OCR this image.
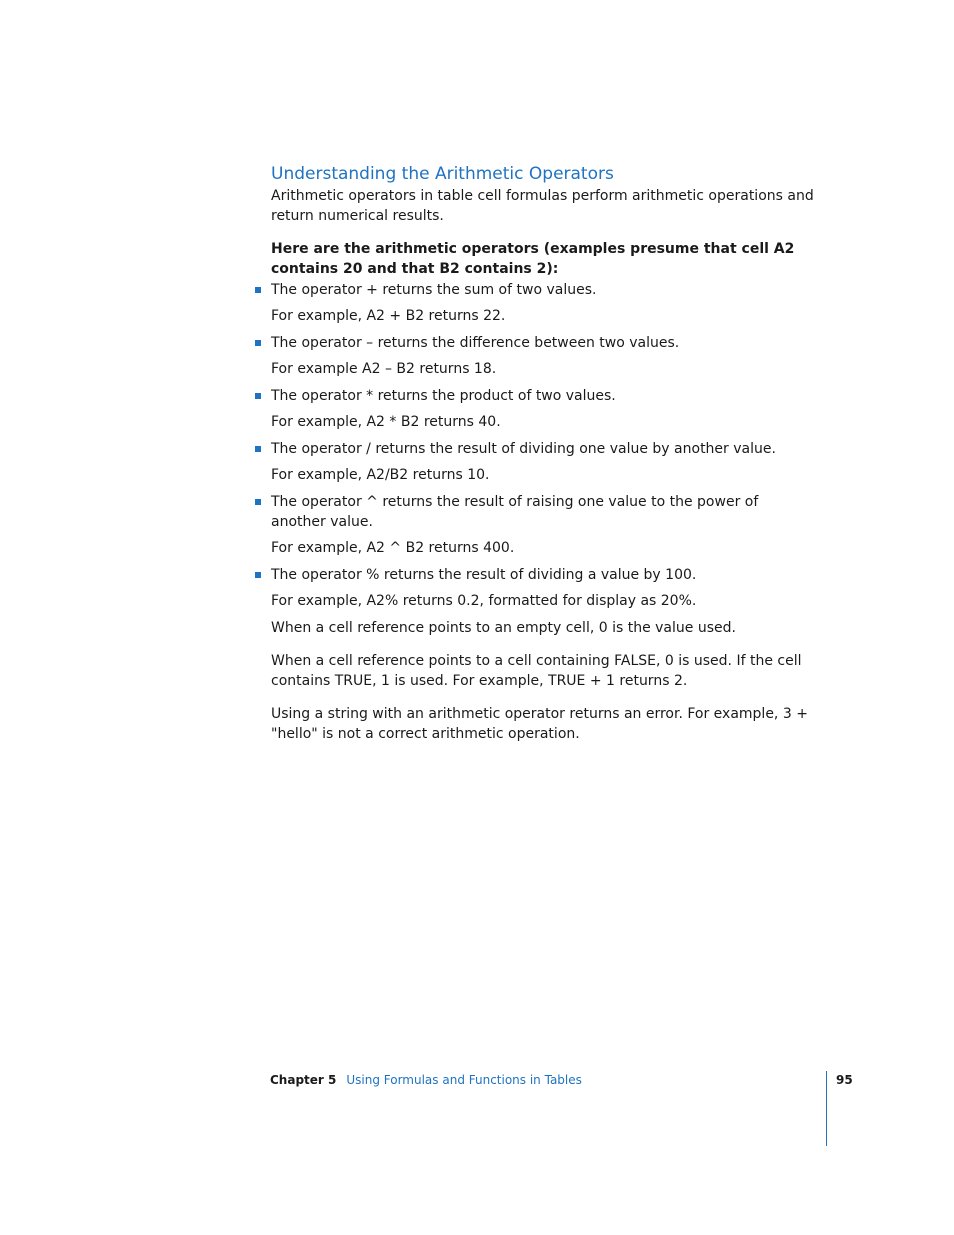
Understanding the Arithmetic Operators

Arithmetic operators in table cell formulas perform arithmetic operations and return numerical results.

Here are the arithmetic operators (examples presume that cell A2 contains 20 and that B2 contains 2):

The operator + returns the sum of two values.
For example, A2 + B2 returns 22.
The operator – returns the difference between two values.
For example A2 – B2 returns 18.
The operator * returns the product of two values.
For example, A2 * B2 returns 40.
The operator / returns the result of dividing one value by another value.
For example, A2/B2 returns 10.
The operator ^ returns the result of raising one value to the power of another value.
For example, A2 ^ B2 returns 400.
The operator % returns the result of dividing a value by 100.
For example, A2% returns 0.2, formatted for display as 20%.

When a cell reference points to an empty cell, 0 is the value used.

When a cell reference points to a cell containing FALSE, 0 is used. If the cell contains TRUE, 1 is used. For example, TRUE + 1 returns 2.

Using a string with an arithmetic operator returns an error. For example, 3 + "hello" is not a correct arithmetic operation.

Chapter 5 Using Formulas and Functions in Tables	95
